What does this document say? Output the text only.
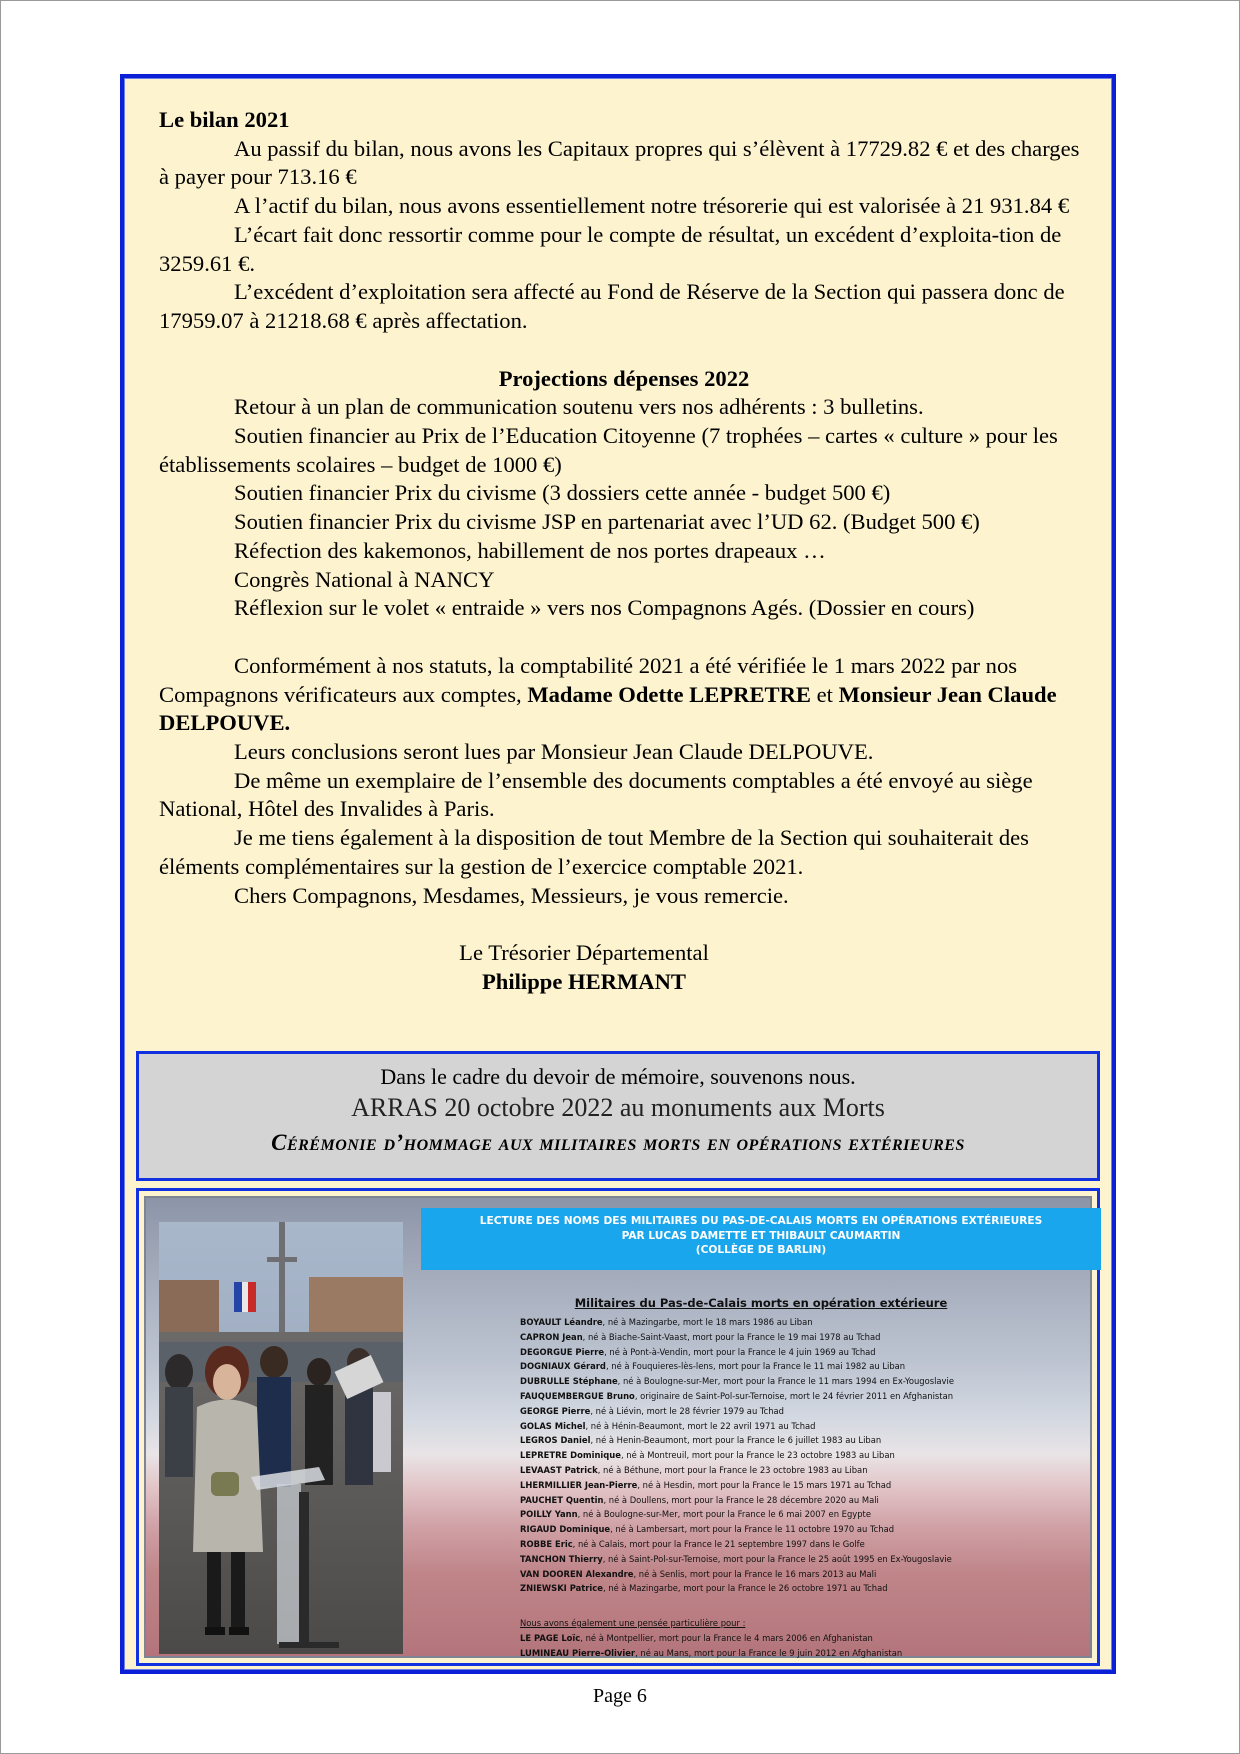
Le bilan 2021

Au passif du bilan, nous avons les Capitaux propres qui s’élèvent à 17729.82 € et des charges à payer pour 713.16 €

A l’actif du bilan, nous avons essentiellement notre trésorerie qui est valorisée à 21 931.84 €

L’écart fait donc ressortir comme pour le compte de résultat, un excédent d’exploita-tion de 3259.61 €.

L’excédent d’exploitation sera affecté au Fond de Réserve de la Section qui passera donc de 17959.07 à 21218.68 € après affectation.

Projections dépenses 2022

Retour à un plan de communication soutenu vers nos adhérents : 3 bulletins.

Soutien financier au Prix de l’Education Citoyenne (7 trophées – cartes « culture » pour les établissements scolaires – budget de 1000 €)

Soutien financier Prix du civisme (3 dossiers cette année - budget 500 €)

Soutien financier Prix du civisme JSP en partenariat avec l’UD 62. (Budget 500 €)

Réfection des kakemonos, habillement de nos portes drapeaux …

Congrès National à NANCY

Réflexion sur le volet « entraide » vers nos Compagnons Agés. (Dossier en cours)

Conformément à nos statuts, la comptabilité 2021 a été vérifiée le 1 mars 2022 par nos Compagnons vérificateurs aux comptes, Madame Odette LEPRETRE et Monsieur Jean Claude DELPOUVE.

Leurs conclusions seront lues par Monsieur Jean Claude DELPOUVE.

De même un exemplaire de l’ensemble des documents comptables a été envoyé au siège National, Hôtel des Invalides à Paris.

Je me tiens également à la disposition de tout Membre de la Section qui souhaiterait des éléments complémentaires sur la gestion de l’exercice comptable 2021.

Chers Compagnons, Mesdames, Messieurs, je vous remercie.

Le Trésorier Départemental

Philippe HERMANT

Dans le cadre du devoir de mémoire, souvenons nous.
ARRAS 20 octobre 2022 au monuments aux Morts
Cérémonie d’hommage aux militaires morts en opérations extérieures
LECTURE DES NOMS DES MILITAIRES DU PAS-DE-CALAIS MORTS EN OPÉRATIONS EXTÉRIEURES
PAR LUCAS DAMETTE ET THIBAULT CAUMARTIN
(COLLÈGE DE BARLIN)
Militaires du Pas-de-Calais morts en opération extérieure
BOYAULT Léandre, né à Mazingarbe, mort le 18 mars 1986 au Liban
CAPRON Jean, né à Biache-Saint-Vaast, mort pour la France le 19 mai 1978 au Tchad
DEGORGUE Pierre, né à Pont-à-Vendin, mort pour la France le 4 juin 1969 au Tchad
DOGNIAUX Gérard, né à Fouquieres-lès-lens, mort pour la France le 11 mai 1982 au Liban
DUBRULLE Stéphane, né à Boulogne-sur-Mer, mort pour la France le 11 mars 1994 en Ex-Yougoslavie
FAUQUEMBERGUE Bruno, originaire de Saint-Pol-sur-Ternoise, mort le 24 février 2011 en Afghanistan
GEORGE Pierre, né à Liévin, mort le 28 février 1979 au Tchad
GOLAS Michel, né à Hénin-Beaumont, mort le 22 avril 1971 au Tchad
LEGROS Daniel, né à Henin-Beaumont, mort pour la France le 6 juillet 1983 au Liban
LEPRETRE Dominique, né à Montreuil, mort pour la France le 23 octobre 1983 au Liban
LEVAAST Patrick, né à Béthune, mort pour la France le 23 octobre 1983 au Liban
LHERMILLIER Jean-Pierre, né à Hesdin, mort pour la France le 15 mars 1971 au Tchad
PAUCHET Quentin, né à Doullens, mort pour la France le 28 décembre 2020 au Mali
POILLY Yann, né à Boulogne-sur-Mer, mort pour la France le 6 mai 2007 en Egypte
RIGAUD Dominique, né à Lambersart, mort pour la France le 11 octobre 1970 au Tchad
ROBBE Eric, né à Calais, mort pour la France le 21 septembre 1997 dans le Golfe
TANCHON Thierry, né à Saint-Pol-sur-Ternoise, mort pour la France le 25 août 1995 en Ex-Yougoslavie
VAN DOOREN Alexandre, né à Senlis, mort pour la France le 16 mars 2013 au Mali
ZNIEWSKI Patrice, né à Mazingarbe, mort pour la France le 26 octobre 1971 au Tchad
Nous avons également une pensée particulière pour :
LE PAGE Loïc, né à Montpellier, mort pour la France le 4 mars 2006 en Afghanistan
LUMINEAU Pierre-Olivier, né au Mans, mort pour la France le 9 juin 2012 en Afghanistan
Page 6
